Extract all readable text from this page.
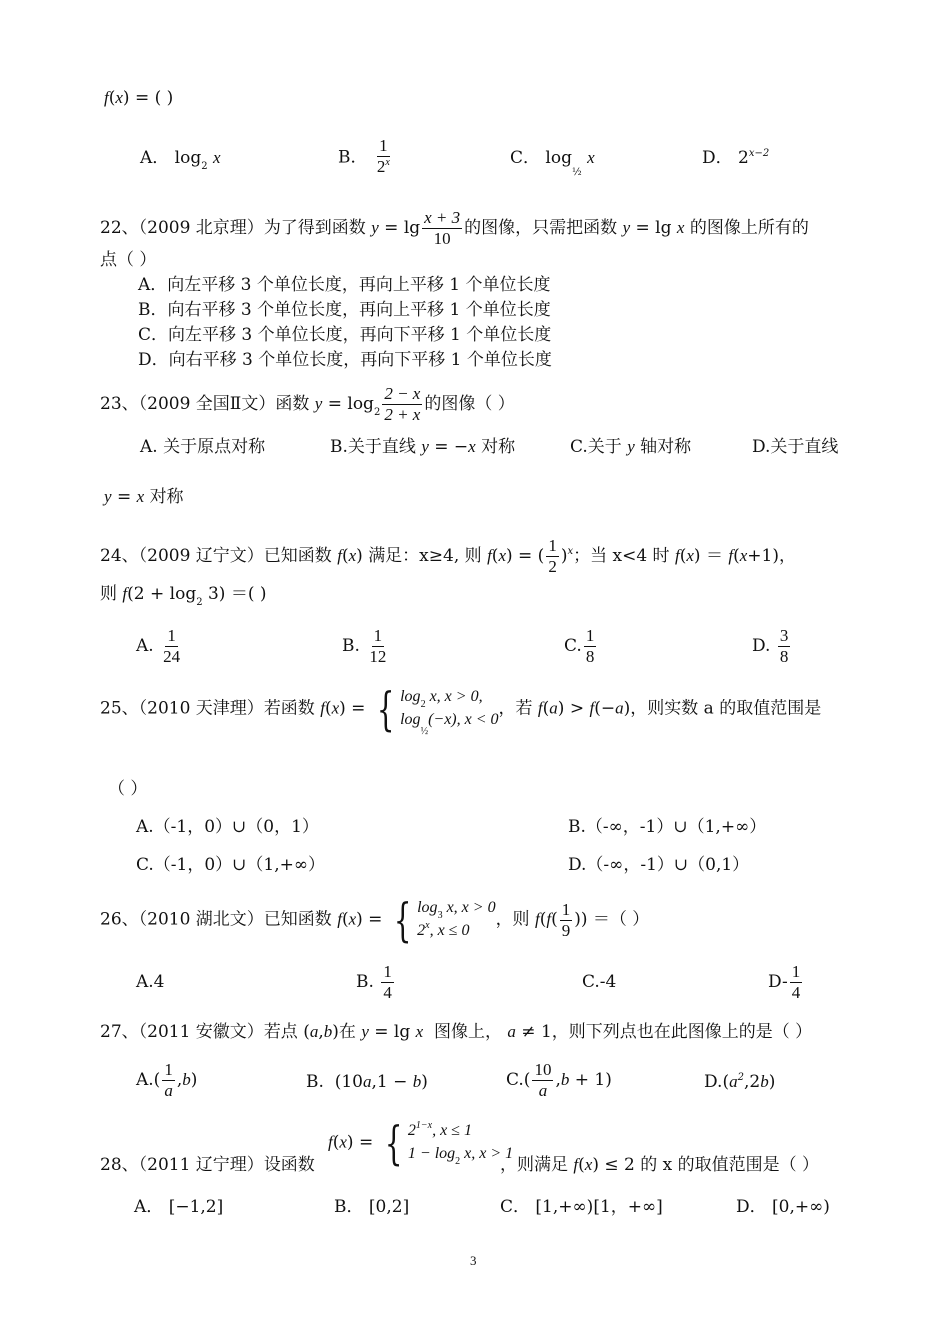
f(x) = ( )
A． $\log_2 x$	B． $\frac{1}{2^x}$	C． $\log_{\frac{1}{2}} x$	D． $2^{x-2}$
22、（2009 北京理）为了得到函数 $y = \lg \frac{x + 3}{10}$ 的图像，只需把函数 y = lg x 的图像上所有的
点（ ）
A．向左平移 3 个单位长度，再向上平移 1 个单位长度
B．向右平移 3 个单位长度，再向上平移 1 个单位长度
C．向左平移 3 个单位长度，再向下平移 1 个单位长度
D．向右平移 3 个单位长度，再向下平移 1 个单位长度
23、（2009 全国Ⅱ文）函数 $y = \log_2 \frac{2 - x}{2 + x}$ 的图像（ ）
A. 关于原点对称	B.关于直线 y = −x 对称	C.关于 y 轴对称	D.关于直线
y = x 对称
24、（2009 辽宁文）已知函数 f(x) 满足：x≥4, 则 f(x) = ( $\frac{1}{2} )^x$；当 x<4 时 f(x) ＝ f(x+1)，
则 $f(2 + \log_2 3)$ ＝( )
A. $\frac{1}{24}$	B. $\frac{1}{12}$	C. $\frac{1}{8}$	D. $\frac{3}{8}$
25、（2010 天津理）若函数 f(x) = { $\log_2 x$, x > 0,
$\log_{\frac{1}{2}}(-x)$, x < 0
，若 f(a) > f(−a)，则实数 a 的取值范围是
（ ）
A.（-1，0）∪（0，1）	B.（-∞，-1）∪（1,+∞）
C.（-1，0）∪（1,+∞）	D.（-∞，-1）∪（0,1）
26、（2010 湖北文）已知函数 f(x) = { $\log_3 x$, x > 0
2$^x$, x ≤ 0
，则 $f(f( \frac{1}{9}$ )) ＝（ ）
A.4	B. $\frac{1}{4}$	C.-4	$D- \frac{1}{4}$
27、（2011 安徽文）若点 (a,b)在 y = lg x 图像上， a ≠ 1，则下列点也在此图像上的是（ ）
$A.( \frac{1}{a} ,b)$	B.  (10a,1 − b)	$C.( \frac{10}{a} ,b + 1)$	$D.(a^2,2b)$
f(x) = { $2^{1-x}$, x ≤ 1
$1 - \log_2 x$, x > 1
28、（2011 辽宁理）设函数	，则满足 f(x) ≤ 2 的 x 的取值范围是（ ）
A． [−1,2]	B． [0,2]	C． [1,+∞)[1，+∞]	D． [0,+∞)
3
